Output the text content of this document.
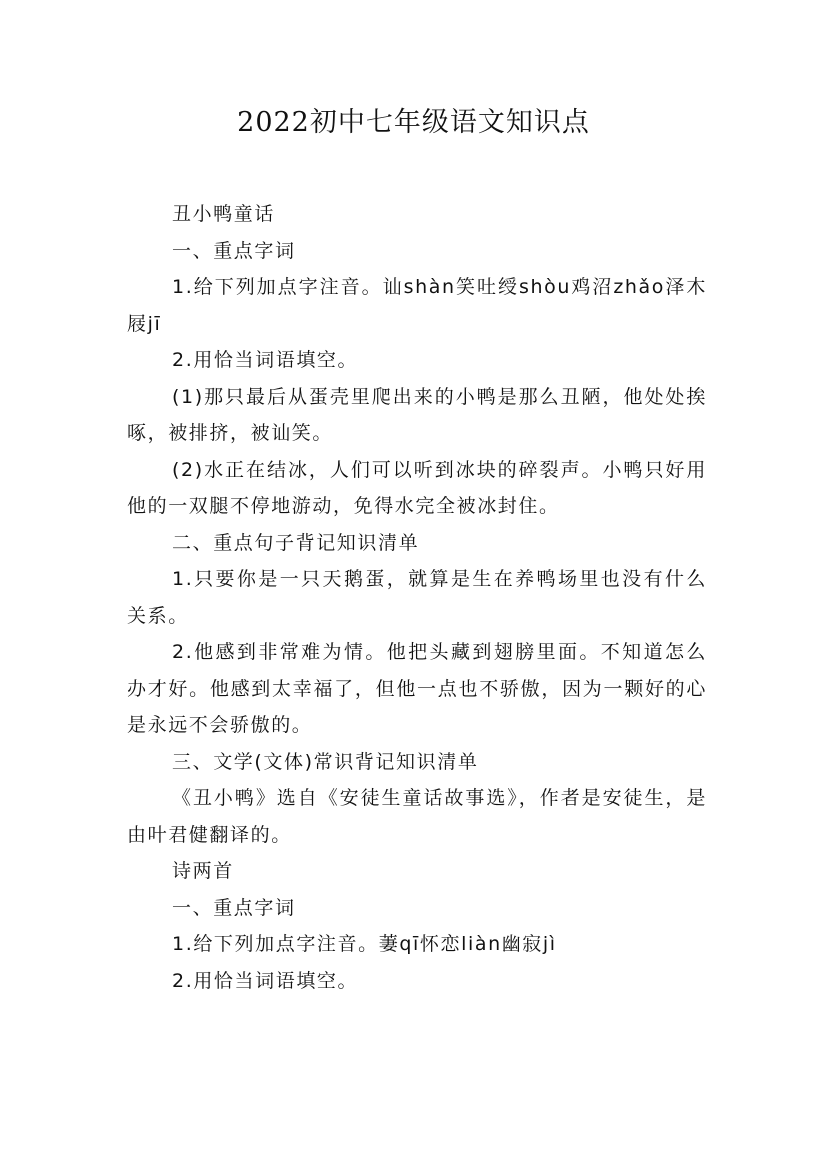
2022初中七年级语文知识点

丑小鸭童话

一、重点字词

1.给下列加点字注音。讪shàn笑吐绶shòu鸡沼zhǎo泽木屐jī

2.用恰当词语填空。

(1)那只最后从蛋壳里爬出来的小鸭是那么丑陋，他处处挨啄，被排挤，被讪笑。

(2)水正在结冰，人们可以听到冰块的碎裂声。小鸭只好用他的一双腿不停地游动，免得水完全被冰封住。

二、重点句子背记知识清单

1.只要你是一只天鹅蛋，就算是生在养鸭场里也没有什么关系。

2.他感到非常难为情。他把头藏到翅膀里面。不知道怎么办才好。他感到太幸福了，但他一点也不骄傲，因为一颗好的心是永远不会骄傲的。

三、文学(文体)常识背记知识清单

《丑小鸭》选自《安徒生童话故事选》，作者是安徒生，是由叶君健翻译的。

诗两首

一、重点字词

1.给下列加点字注音。萋qī怀恋liàn幽寂jì

2.用恰当词语填空。
